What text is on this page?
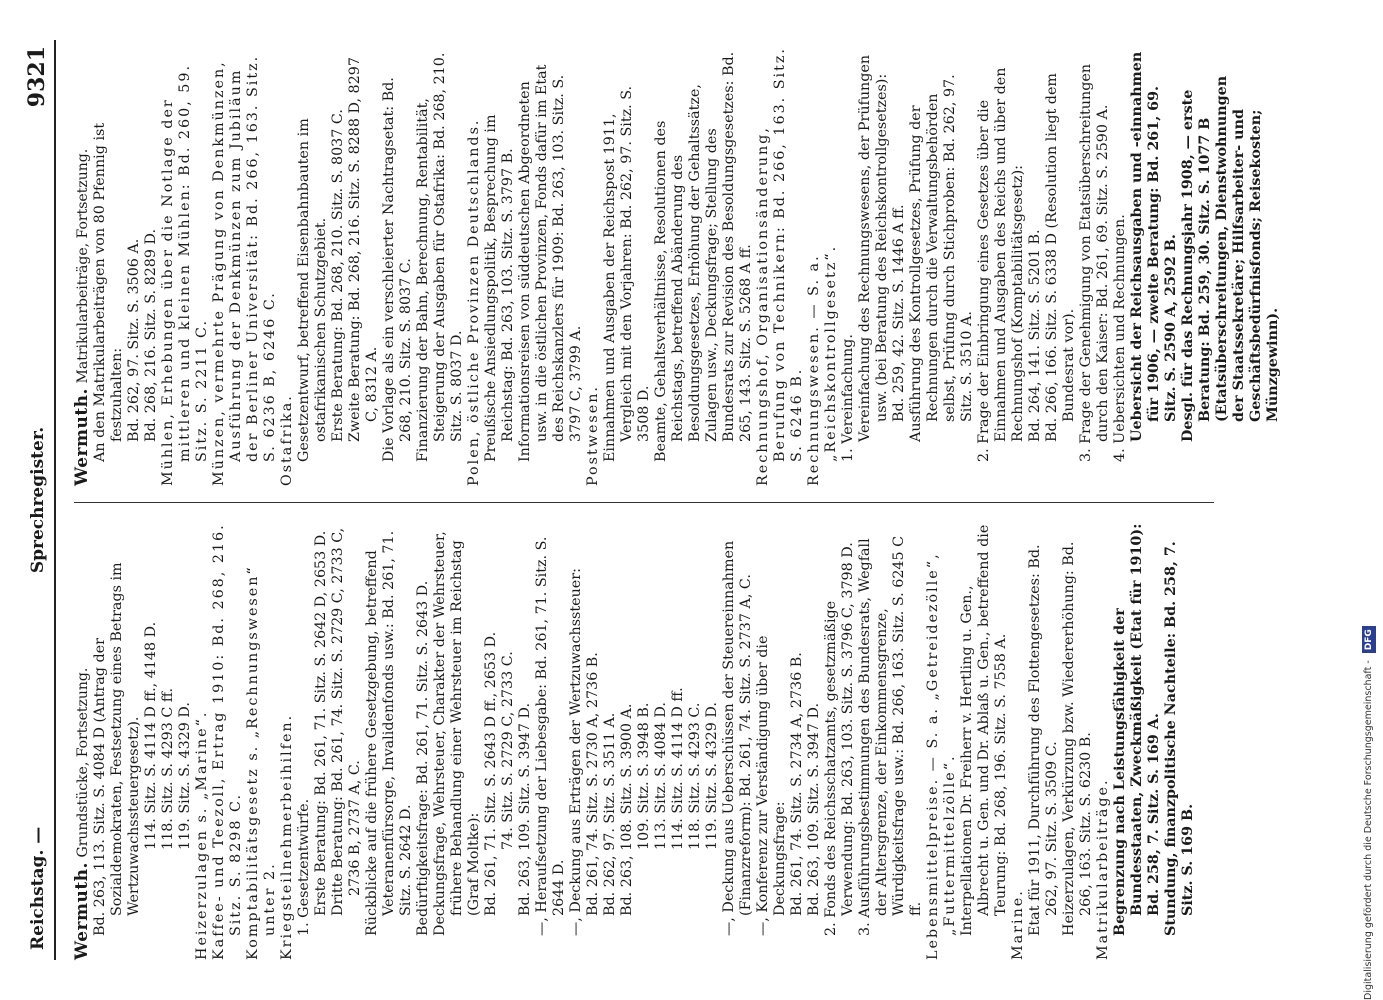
Reichstag. —
Sprechregister.
9321

Wermuth. Grundstücke, Fortsetzung. Bd. 263, 113. Sitz. S. 4084 D (Antrag der Sozialdemokraten, Festsetzung eines Betrags im Wertzuwachssteuergesetz). 114. Sitz. S. 4114 D ff., 4148 D. 118. Sitz. S. 4293 C ff. 119. Sitz. S. 4329 D. Heizerzulagen s. „Marine“. Kaffee- und Teezoll, Ertrag 1910: Bd. 268, 216. Sitz. S. 8298 C. Komptabilitätsgesetz s. „Rechnungswesen“ unter 2. Kriegsteilnehmerbeihilfen. 1. Gesetzentwürfe. Erste Beratung: Bd. 261, 71. Sitz. S. 2642 D, 2653 D. Dritte Beratung: Bd. 261, 74. Sitz. S. 2729 C, 2733 C, 2736 B, 2737 A, C. Rückblicke auf die frühere Gesetzgebung, betreffend Veteranenfürsorge, Invalidenfonds usw.: Bd. 261, 71. Sitz. S. 2642 D. Bedürftigkeitsfrage: Bd. 261, 71. Sitz. S. 2643 D. Deckungsfrage, Wehrsteuer, Charakter der Wehrsteuer, frühere Behandlung einer Wehrsteuer im Reichstag (Graf Moltke): Bd. 261, 71. Sitz. S. 2643 D ff., 2653 D. 74. Sitz. S. 2729 C, 2733 C. Bd. 263, 109. Sitz. S. 3947 D. —, Heraufsetzung der Liebesgabe: Bd. 261, 71. Sitz. S. 2644 D. —, Deckung aus Erträgen der Wertzuwachssteuer: Bd. 261, 74. Sitz. S. 2730 A, 2736 B. Bd. 262, 97. Sitz. S. 3511 A. Bd. 263, 108. Sitz. S. 3900 A. 109. Sitz. S. 3948 B. 113. Sitz. S. 4084 D. 114. Sitz. S. 4114 D ff. 118. Sitz. S. 4293 C. 119. Sitz. S. 4329 D. —, Deckung aus Ueberschüssen der Steuereinnahmen (Finanzreform): Bd. 261, 74. Sitz. S. 2737 A, C. —, Konferenz zur Verständigung über die Deckungsfrage: Bd. 261, 74. Sitz. S. 2734 A, 2736 B. Bd. 263, 109. Sitz. S. 3947 D. 2. Fonds des Reichsschatzamts, gesetzmäßige Verwendung: Bd. 263, 103. Sitz. S. 3796 C, 3798 D. 3. Ausführungsbestimmungen des Bundesrats, Wegfall der Altersgrenze, der Einkommensgrenze, Würdigkeitsfrage usw.: Bd. 266, 163. Sitz. S. 6245 C ff. Lebensmittelpreise. — S. a. „Getreidezölle“, „Futtermittelzölle“. Interpellationen Dr. Freiherr v. Hertling u. Gen., Albrecht u. Gen. und Dr. Ablaß u. Gen., betreffend die Teurung: Bd. 268, 196. Sitz. S. 7558 A.

Marine. Etat für 1911, Durchführung des Flottengesetzes: Bd. 262, 97. Sitz. S. 3509 C. Heizerzulagen, Verkürzung bzw. Wiedererhöhung: Bd. 266, 163. Sitz. S. 6230 B. Matrikularbeiträge. Begrenzung nach Leistungsfähigkeit der Bundesstaaten, Zweckmäßigkeit (Etat für 1910): Bd. 258, 7. Sitz. S. 169 A. Stundung, finanzpolitische Nachteile: Bd. 258, 7. Sitz. S. 169 B.

Wermuth. Matrikularbeiträge, Fortsetzung. An den Matrikularbeiträgen von 80 Pfennig ist festzuhalten: Bd. 262, 97. Sitz. S. 3506 A. Bd. 268, 216. Sitz. S. 8289 D. Mühlen, Erhebungen über die Notlage der mittleren und kleinen Mühlen: Bd. 260, 59. Sitz. S. 2211 C. Münzen, vermehrte Prägung von Denkmünzen, Ausführung der Denkmünzen zum Jubiläum der Berliner Universität: Bd. 266, 163. Sitz. S. 6236 B, 6246 C. Ostafrika. Gesetzentwurf, betreffend Eisenbahnbauten im ostafrikanischen Schutzgebiet. Erste Beratung: Bd. 268, 210. Sitz. S. 8037 C. Zweite Beratung: Bd. 268, 216. Sitz. S. 8288 D, 8297 C, 8312 A. Die Vorlage als ein verschleierter Nachtragsetat: Bd. 268, 210. Sitz. S. 8037 C. Finanzierung der Bahn, Berechnung, Rentabilität, Steigerung der Ausgaben für Ostafrika: Bd. 268, 210. Sitz. S. 8037 D. Polen, östliche Provinzen Deutschlands. Preußische Ansiedlungspolitik, Besprechung im Reichstag: Bd. 263, 103. Sitz. S. 3797 B. Informationsreisen von süddeutschen Abgeordneten usw. in die östlichen Provinzen, Fonds dafür im Etat des Reichskanzlers für 1909: Bd. 263, 103. Sitz. S. 3797 C, 3799 A. Postwesen. Einnahmen und Ausgaben der Reichspost 1911, Vergleich mit den Vorjahren: Bd. 262, 97. Sitz. S. 3508 D. Beamte, Gehaltsverhältnisse, Resolutionen des Reichstags, betreffend Abänderung des Besoldungsgesetzes, Erhöhung der Gehaltssätze, Zulagen usw., Deckungsfrage; Stellung des Bundesrats zur Revision des Besoldungsgesetzes: Bd. 265, 143. Sitz. S. 5268 A ff. Rechnungshof, Organisationsänderung, Berufung von Technikern: Bd. 266, 163. Sitz. S. 6246 B. Rechnungswesen. — S. a. „Reichskontrollgesetz“. 1. Vereinfachung. Vereinfachung des Rechnungswesens, der Prüfungen usw. (bei Beratung des Reichskontrollgesetzes): Bd. 259, 42. Sitz. S. 1446 A ff. Ausführung des Kontrollgesetzes, Prüfung der Rechnungen durch die Verwaltungsbehörden selbst, Prüfung durch Stichproben: Bd. 262, 97. Sitz. S. 3510 A. 2. Frage der Einbringung eines Gesetzes über die Einnahmen und Ausgaben des Reichs und über den Rechnungshof (Komptabilitätsgesetz): Bd. 264, 141. Sitz. S. 5201 B. Bd. 266, 166. Sitz. S. 6338 D (Resolution liegt dem Bundesrat vor). 3. Frage der Genehmigung von Etatsüberschreitungen durch den Kaiser: Bd. 261, 69. Sitz. S. 2590 A. 4. Uebersichten und Rechnungen. Uebersicht der Reichsausgaben und -einnahmen für 1906, — zweite Beratung: Bd. 261, 69. Sitz. S. 2590 A, 2592 B. Desgl. für das Rechnungsjahr 1908, — erste Beratung: Bd. 259, 30. Sitz. S. 1077 B (Etatsüberschreitungen, Dienstwohnungen der Staatssekretäre; Hilfsarbeiter- und Geschäftsbedürfnisfonds; Reisekosten; Münzgewinn).

Digitalisierung gefördert durch die Deutsche Forschungsgemeinschaft - DFG
